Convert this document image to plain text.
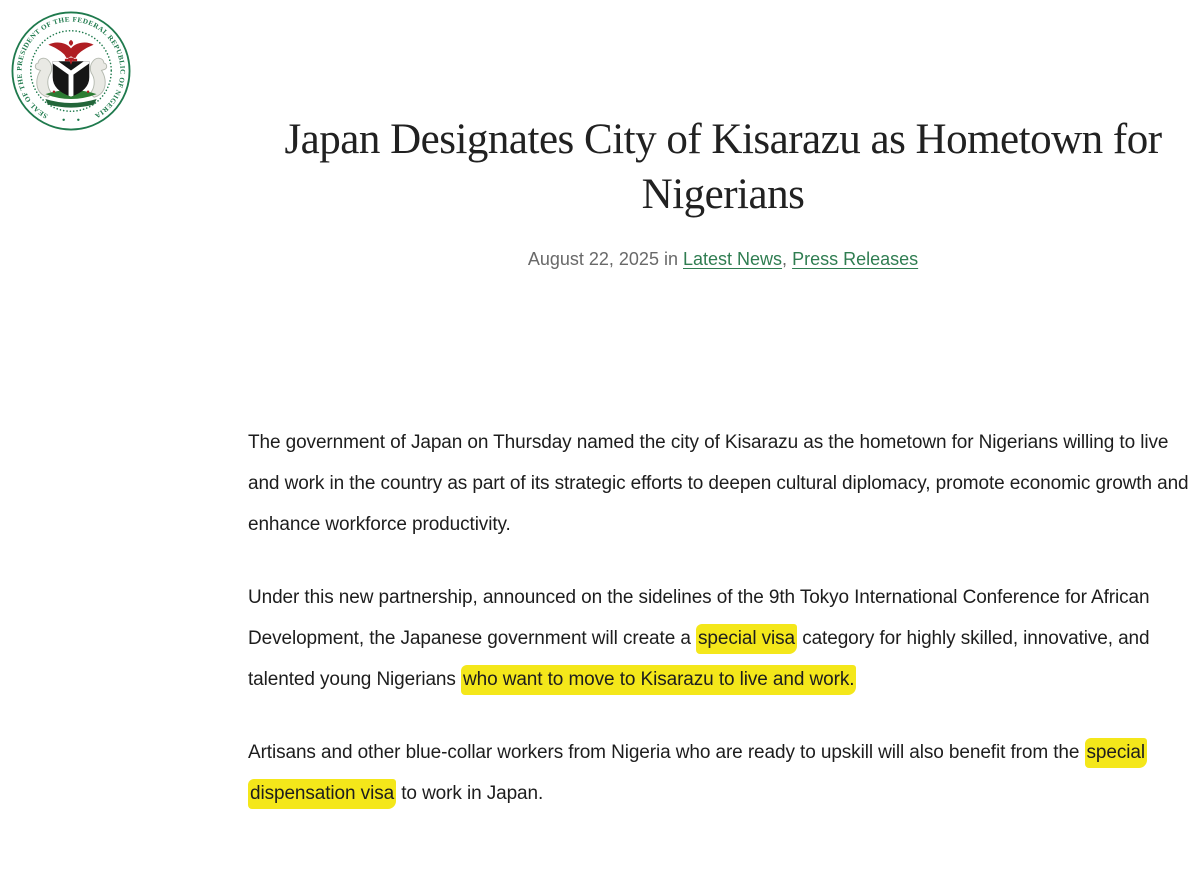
SEAL OF THE PRESIDENT OF THE FEDERAL REPUBLIC OF NIGERIA
Japan Designates City of Kisarazu as Hometown for Nigerians
August 22, 2025 in Latest News, Press Releases

The government of Japan on Thursday named the city of Kisarazu as the hometown for Nigerians willing to live and work in the country as part of its strategic efforts to deepen cultural diplomacy, promote economic growth and enhance workforce productivity.

Under this new partnership, announced on the sidelines of the 9th Tokyo International Conference for African Development, the Japanese government will create a special visa category for highly skilled, innovative, and talented young Nigerians who want to move to Kisarazu to live and work.

Artisans and other blue-collar workers from Nigeria who are ready to upskill will also benefit from the special dispensation visa to work in Japan.
